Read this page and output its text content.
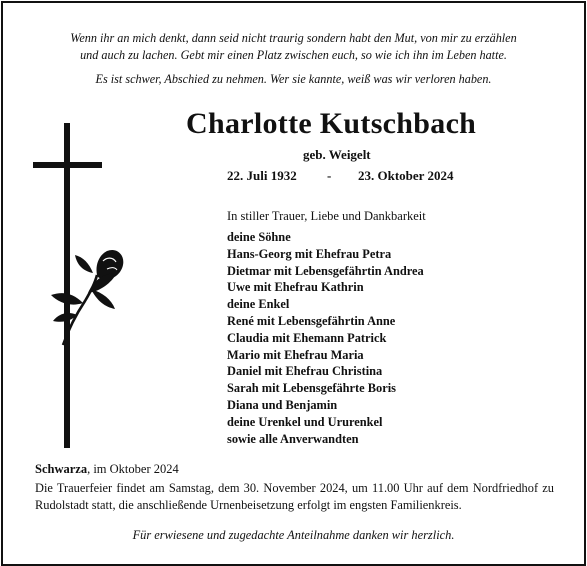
Wenn ihr an mich denkt, dann seid nicht traurig sondern habt den Mut, von mir zu erzählen
und auch zu lachen. Gebt mir einen Platz zwischen euch, so wie ich ihn im Leben hatte.
Es ist schwer, Abschied zu nehmen. Wer sie kannte, weiß was wir verloren haben.
Charlotte Kutschbach
geb. Weigelt
22. Juli 1932 - 23. Oktober 2024
In stiller Trauer, Liebe und Dankbarkeit
deine Söhne
Hans-Georg mit Ehefrau Petra
Dietmar mit Lebensgefährtin Andrea
Uwe mit Ehefrau Kathrin
deine Enkel
René mit Lebensgefährtin Anne
Claudia mit Ehemann Patrick
Mario mit Ehefrau Maria
Daniel mit Ehefrau Christina
Sarah mit Lebensgefährte Boris
Diana und Benjamin
deine Urenkel und Ururenkel
sowie alle Anverwandten
Schwarza, im Oktober 2024

Die Trauerfeier findet am Samstag, dem 30. November 2024, um 11.00 Uhr auf dem Nordfriedhof zu Rudolstadt statt, die anschließende Urnenbeisetzung erfolgt im engsten Familienkreis.

Für erwiesene und zugedachte Anteilnahme danken wir herzlich.
